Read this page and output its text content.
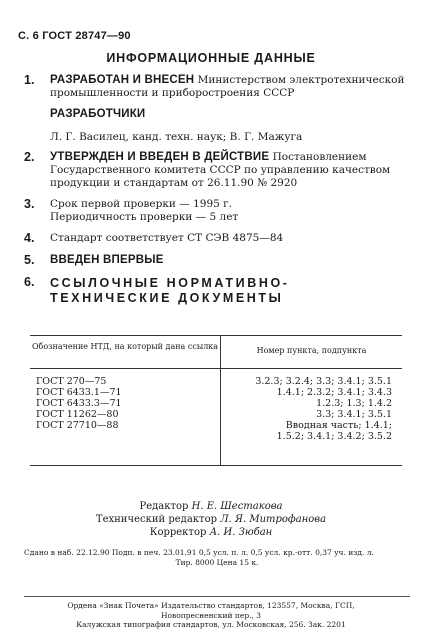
С. 6 ГОСТ 28747—90
ИНФОРМАЦИОННЫЕ ДАННЫЕ
1. РАЗРАБОТАН И ВНЕСЕН Министерством электротехнической промышленности и приборостроения СССР
РАЗРАБОТЧИКИ
Л. Г. Василец, канд. техн. наук; В. Г. Мажуга
2. УТВЕРЖДЕН И ВВЕДЕН В ДЕЙСТВИЕ Постановлением Государственного комитета СССР по управлению качеством продукции и стандартам от 26.11.90 № 2920
3. Срок первой проверки — 1995 г.
Периодичность проверки — 5 лет
4. Стандарт соответствует СТ СЭВ 4875—84
5. ВВЕДЕН ВПЕРВЫЕ
6. ССЫЛОЧНЫЕ НОРМАТИВНО-ТЕХНИЧЕСКИЕ ДОКУМЕНТЫ
Обозначение НТД, на который дана ссылка	Номер пункта, подпункта
ГОСТ 270—75
ГОСТ 6433.1—71
ГОСТ 6433.3—71
ГОСТ 11262—80
ГОСТ 27710—88
3.2.3; 3.2.4; 3.3; 3.4.1; 3.5.1
1.4.1; 2.3.2; 3.4.1; 3.4.3
1.2.3; 1.3; 1.4.2
3.3; 3.4.1; 3.5.1
Вводная часть; 1.4.1;
1.5.2; 3.4.1; 3.4.2; 3.5.2
Редактор Н. Е. Шестакова
Технический редактор Л. Я. Митрофанова
Корректор А. И. Зюбан
Сдано в наб. 22.12.90 Подп. в печ. 23.01.91 0,5 усл. п. л. 0,5 усл. кр.-отт. 0,37 уч. изд. л.
Тир. 8000 Цена 15 к.
Ордена «Знак Почета» Издательство стандартов, 123557, Москва, ГСП,
Новопресненский пер., 3
Калужская типография стандартов, ул. Московская, 256. Зак. 2201
